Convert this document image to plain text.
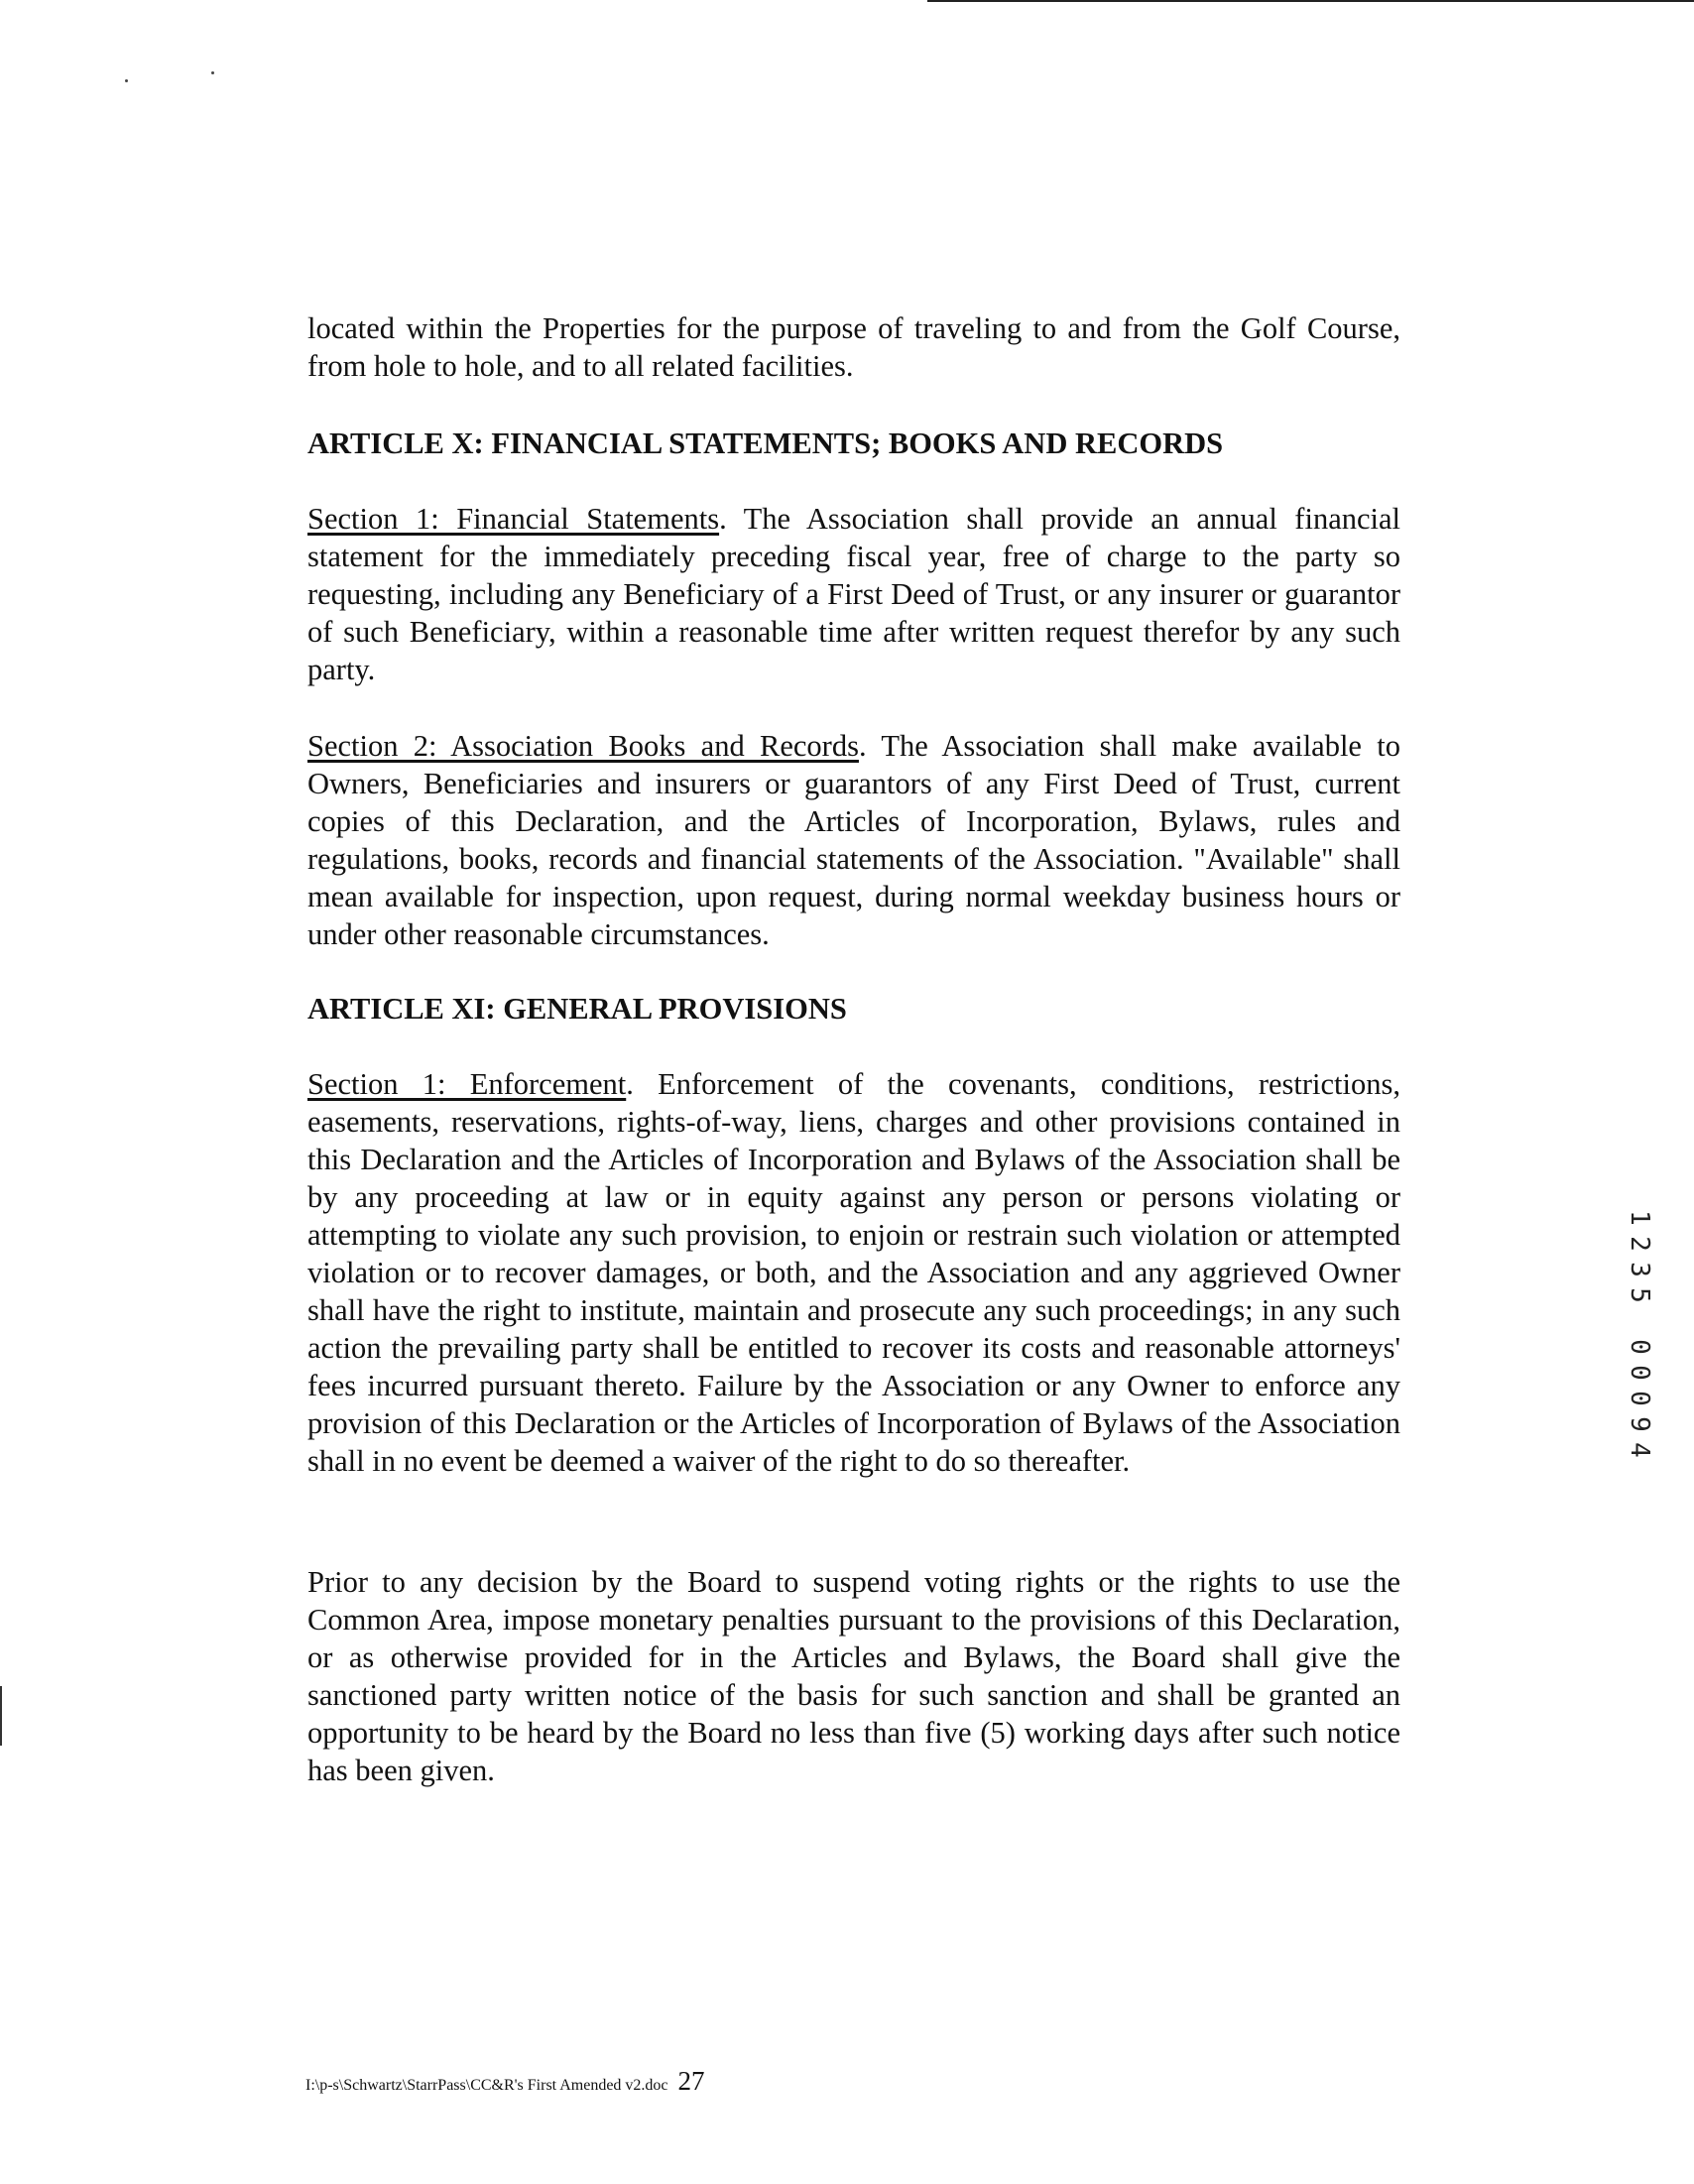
located within the Properties for the purpose of traveling to and from the Golf Course, from hole to hole, and to all related facilities.
ARTICLE X: FINANCIAL STATEMENTS; BOOKS AND RECORDS
Section 1: Financial Statements. The Association shall provide an annual financial statement for the immediately preceding fiscal year, free of charge to the party so requesting, including any Beneficiary of a First Deed of Trust, or any insurer or guarantor of such Beneficiary, within a reasonable time after written request therefor by any such party.
Section 2: Association Books and Records. The Association shall make available to Owners, Beneficiaries and insurers or guarantors of any First Deed of Trust, current copies of this Declaration, and the Articles of Incorporation, Bylaws, rules and regulations, books, records and financial statements of the Association. "Available" shall mean available for inspection, upon request, during normal weekday business hours or under other reasonable circumstances.
ARTICLE XI: GENERAL PROVISIONS
Section 1: Enforcement. Enforcement of the covenants, conditions, restrictions, easements, reservations, rights-of-way, liens, charges and other provisions contained in this Declaration and the Articles of Incorporation and Bylaws of the Association shall be by any proceeding at law or in equity against any person or persons violating or attempting to violate any such provision, to enjoin or restrain such violation or attempted violation or to recover damages, or both, and the Association and any aggrieved Owner shall have the right to institute, maintain and prosecute any such proceedings; in any such action the prevailing party shall be entitled to recover its costs and reasonable attorneys' fees incurred pursuant thereto. Failure by the Association or any Owner to enforce any provision of this Declaration or the Articles of Incorporation of Bylaws of the Association shall in no event be deemed a waiver of the right to do so thereafter.
Prior to any decision by the Board to suspend voting rights or the rights to use the Common Area, impose monetary penalties pursuant to the provisions of this Declaration, or as otherwise provided for in the Articles and Bylaws, the Board shall give the sanctioned party written notice of the basis for such sanction and shall be granted an opportunity to be heard by the Board no less than five (5) working days after such notice has been given.
I:\p-s\Schwartz\StarrPass\CC&R's First Amended v2.doc 27
1
2
3
5
0
0
0
9
4
